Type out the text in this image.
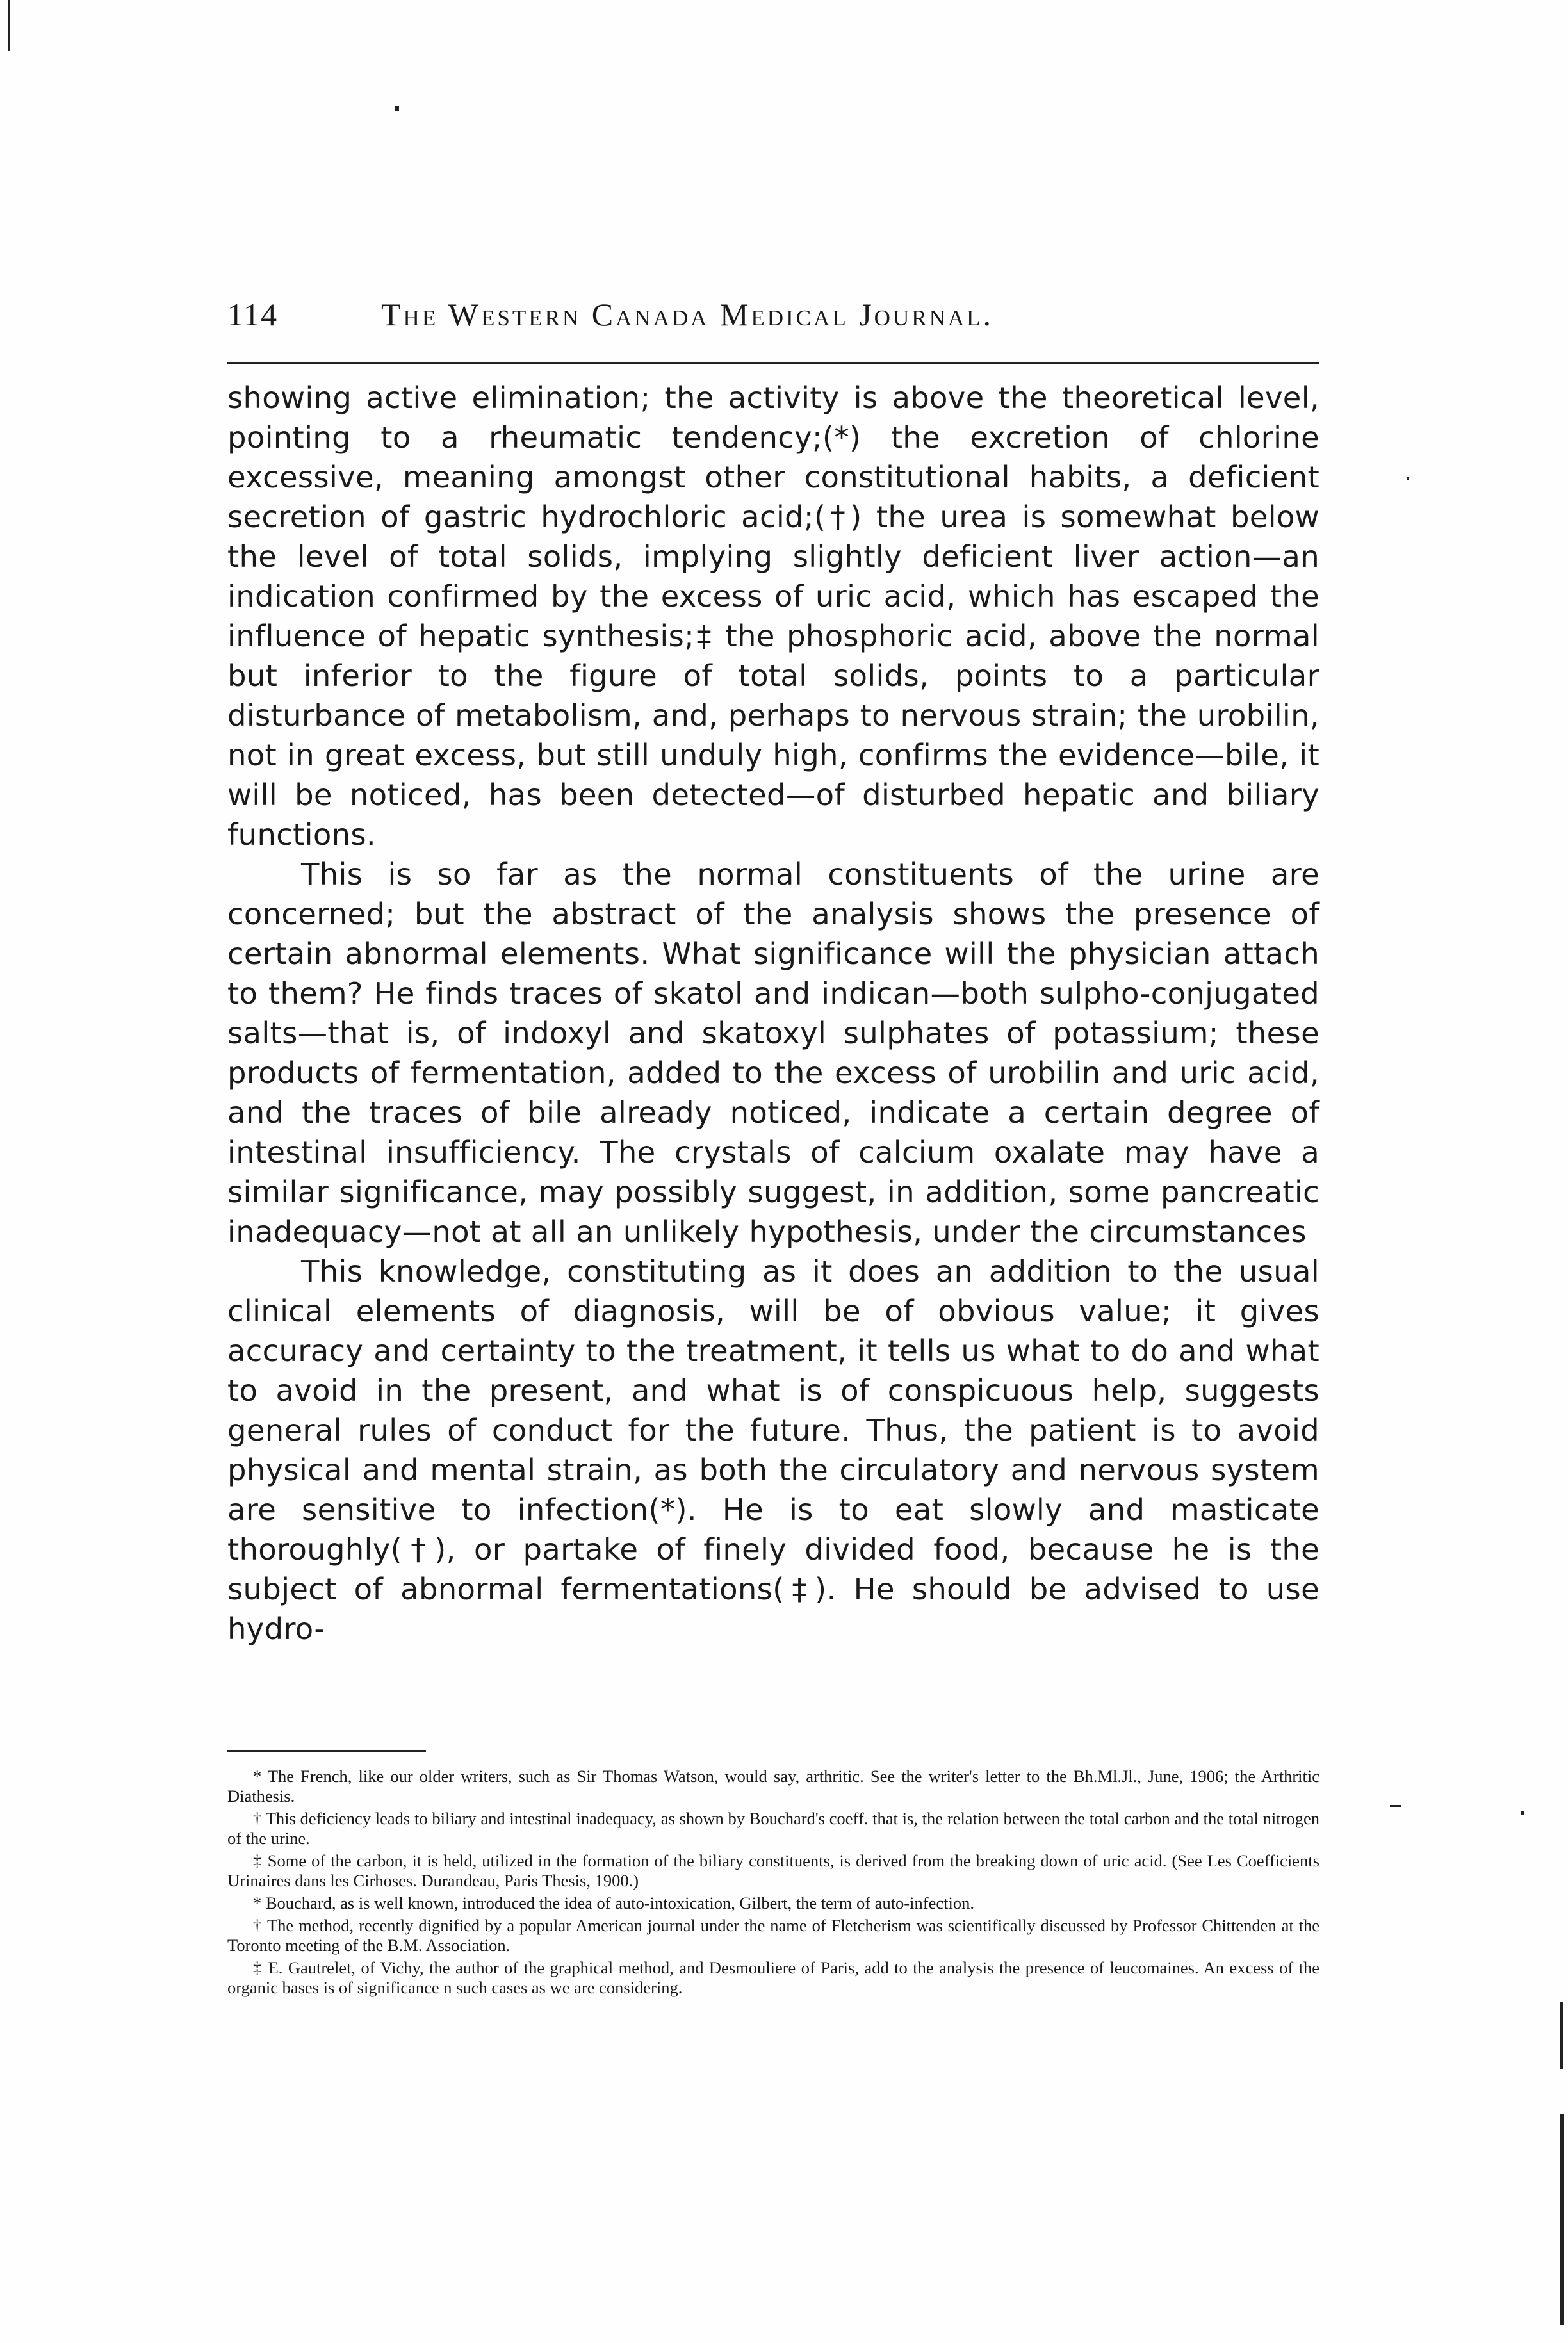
114	The Western Canada Medical Journal.

showing active elimination; the activity is above the theoretical level, pointing to a rheumatic tendency;(*) the excretion of chlorine excessive, meaning amongst other constitutional habits, a deficient secretion of gastric hydrochloric acid;(†) the urea is somewhat below the level of total solids, implying slightly deficient liver action—an indication confirmed by the excess of uric acid, which has escaped the influence of hepatic synthesis;‡ the phosphoric acid, above the normal but inferior to the figure of total solids, points to a particular disturbance of metabolism, and, perhaps to nervous strain; the urobilin, not in great excess, but still unduly high, confirms the evidence—bile, it will be noticed, has been detected—of disturbed hepatic and biliary functions.

This is so far as the normal constituents of the urine are concerned; but the abstract of the analysis shows the presence of certain abnormal elements. What significance will the physician attach to them? He finds traces of skatol and indican—both sulpho-conjugated salts—that is, of indoxyl and skatoxyl sulphates of potassium; these products of fermentation, added to the excess of urobilin and uric acid, and the traces of bile already noticed, indicate a certain degree of intestinal insufficiency. The crystals of calcium oxalate may have a similar significance, may possibly suggest, in addition, some pancreatic inadequacy—not at all an unlikely hypothesis, under the circumstances

This knowledge, constituting as it does an addition to the usual clinical elements of diagnosis, will be of obvious value; it gives accuracy and certainty to the treatment, it tells us what to do and what to avoid in the present, and what is of conspicuous help, suggests general rules of conduct for the future. Thus, the patient is to avoid physical and mental strain, as both the circulatory and nervous system are sensitive to infection(*). He is to eat slowly and masticate thoroughly(†), or partake of finely divided food, because he is the subject of abnormal fermentations(‡). He should be advised to use hydro-

* The French, like our older writers, such as Sir Thomas Watson, would say, arthritic. See the writer's letter to the Bh.Ml.Jl., June, 1906; the Arthritic Diathesis.

† This deficiency leads to biliary and intestinal inadequacy, as shown by Bouchard's coeff. that is, the relation between the total carbon and the total nitrogen of the urine.

‡ Some of the carbon, it is held, utilized in the formation of the biliary constituents, is derived from the breaking down of uric acid. (See Les Coefficients Urinaires dans les Cirhoses. Durandeau, Paris Thesis, 1900.)

* Bouchard, as is well known, introduced the idea of auto-intoxication, Gilbert, the term of auto-infection.

† The method, recently dignified by a popular American journal under the name of Fletcherism was scientifically discussed by Professor Chittenden at the Toronto meeting of the B.M. Association.

‡ E. Gautrelet, of Vichy, the author of the graphical method, and Desmouliere of Paris, add to the analysis the presence of leucomaines. An excess of the organic bases is of significance n such cases as we are considering.
